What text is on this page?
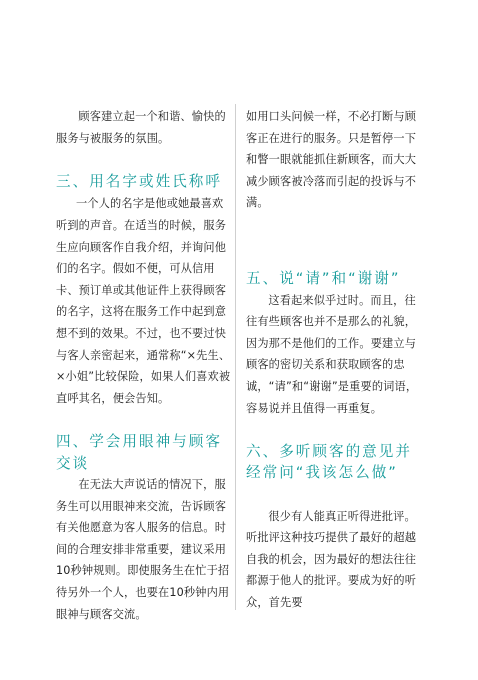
顾客建立起一个和谐、愉快的服务与被服务的氛围。

三、用名字或姓氏称呼一个人的名字是他或她最喜欢听到的声音。在适当的时候，服务生应向顾客作自我介绍，并询问他们的名字。假如不便，可从信用卡、预订单或其他证件上获得顾客的名字，这将在服务工作中起到意想不到的效果。不过，也不要过快与客人亲密起来，通常称“×先生、×小姐”比较保险，如果人们喜欢被直呼其名，便会告知。

四、学会用眼神与顾客交谈

在无法大声说话的情况下，服务生可以用眼神来交流，告诉顾客有关他愿意为客人服务的信息。时间的合理安排非常重要，建议采用10秒钟规则。即使服务生在忙于招待另外一个人，也要在10秒钟内用眼神与顾客交流。

如用口头问候一样，不必打断与顾客正在进行的服务。只是暂停一下和瞥一眼就能抓住新顾客，而大大减少顾客被冷落而引起的投诉与不满。

五、说“请”和“谢谢”

这看起来似乎过时。而且，往往有些顾客也并不是那么的礼貌，因为那不是他们的工作。要建立与顾客的密切关系和获取顾客的忠诚，“请”和“谢谢”是重要的词语，容易说并且值得一再重复。

六、多听顾客的意见并经常问“我该怎么做”

很少有人能真正听得进批评。听批评这种技巧提供了最好的超越自我的机会，因为最好的想法往往都源于他人的批评。要成为好的听众，首先要
